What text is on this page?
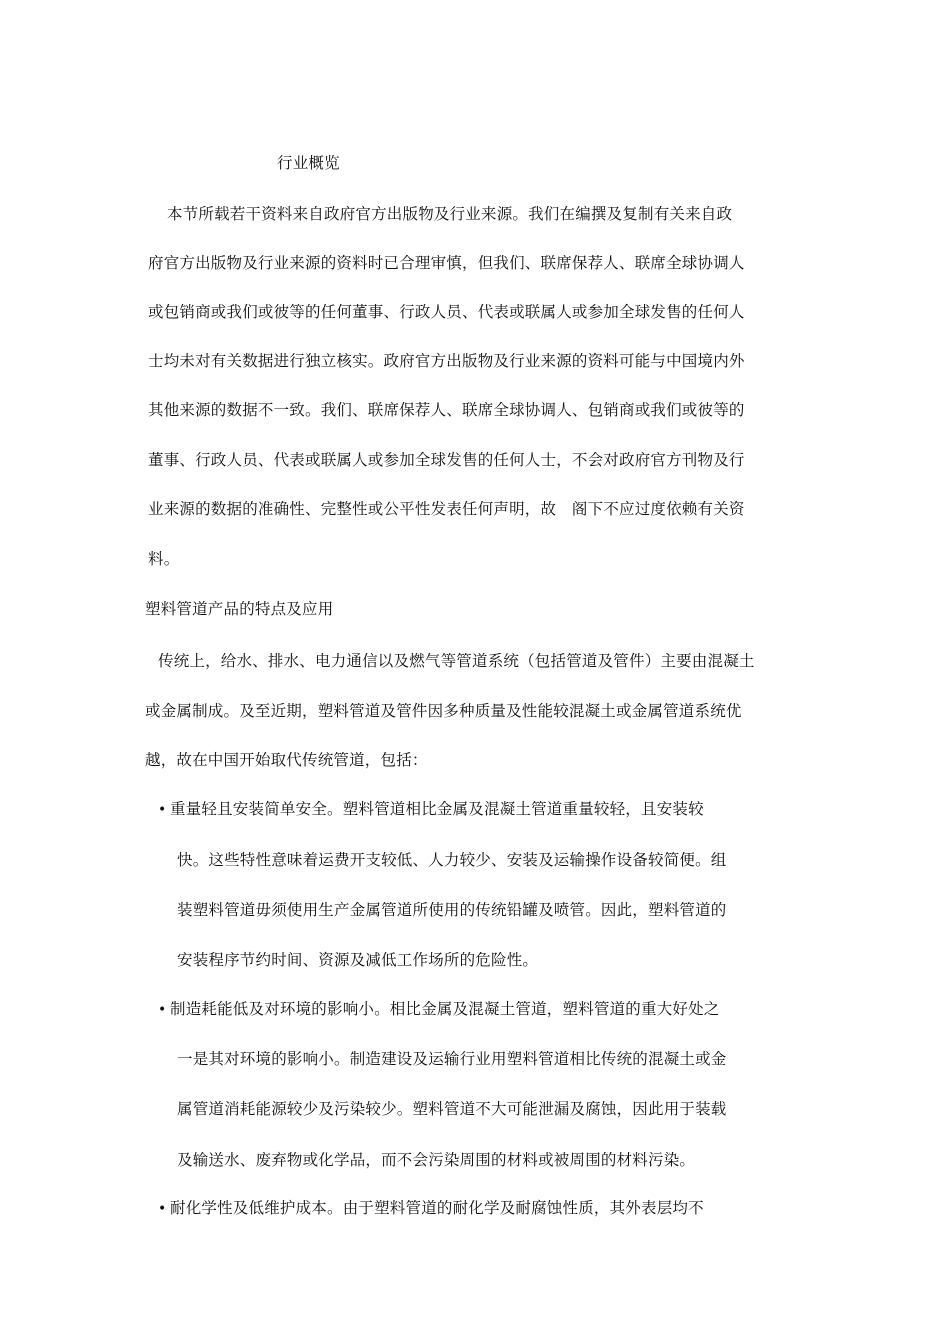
行业概览
本节所载若干资料来自政府官方出版物及行业来源。我们在编撰及复制有关来自政
府官方出版物及行业来源的资料时已合理审慎，但我们、联席保荐人、联席全球协调人
或包销商或我们或彼等的任何董事、行政人员、代表或联属人或参加全球发售的任何人
士均未对有关数据进行独立核实。政府官方出版物及行业来源的资料可能与中国境内外
其他来源的数据不一致。我们、联席保荐人、联席全球协调人、包销商或我们或彼等的
董事、行政人员、代表或联属人或参加全球发售的任何人士，不会对政府官方刊物及行
业来源的数据的准确性、完整性或公平性发表任何声明，故　阁下不应过度依赖有关资
料。
塑料管道产品的特点及应用
传统上，给水、排水、电力通信以及燃气等管道系统（包括管道及管件）主要由混凝土
或金属制成。及至近期，塑料管道及管件因多种质量及性能较混凝土或金属管道系统优
越，故在中国开始取代传统管道，包括：
• 重量轻且安装简单安全。塑料管道相比金属及混凝土管道重量较轻，且安装较
快。这些特性意味着运费开支较低、人力较少、安装及运输操作设备较简便。组
装塑料管道毋须使用生产金属管道所使用的传统铅罐及喷管。因此，塑料管道的
安装程序节约时间、资源及减低工作场所的危险性。
• 制造耗能低及对环境的影响小。相比金属及混凝土管道，塑料管道的重大好处之
一是其对环境的影响小。制造建设及运输行业用塑料管道相比传统的混凝土或金
属管道消耗能源较少及污染较少。塑料管道不大可能泄漏及腐蚀，因此用于装载
及输送水、废弃物或化学品，而不会污染周围的材料或被周围的材料污染。
• 耐化学性及低维护成本。由于塑料管道的耐化学及耐腐蚀性质，其外表层均不
